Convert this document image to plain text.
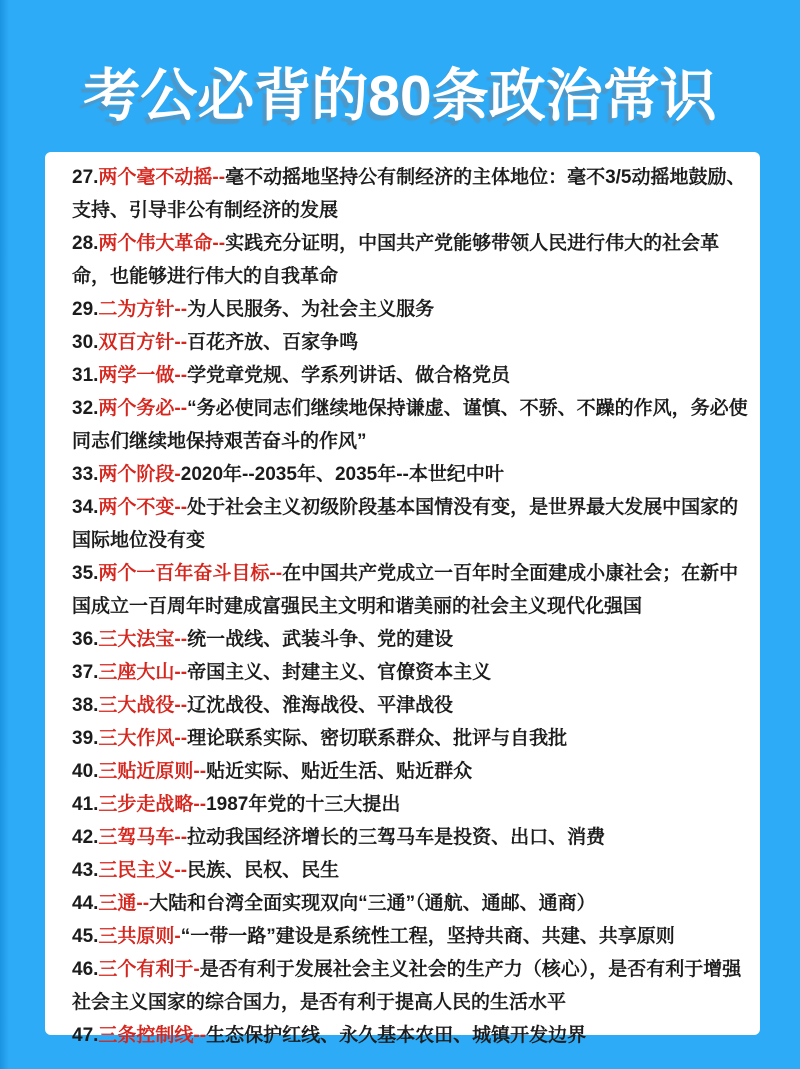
考公必背的80条政治常识
27.两个毫不动摇--毫不动摇地坚持公有制经济的主体地位：毫不3/5动摇地鼓励、支持、引导非公有制经济的发展
28.两个伟大革命--实践充分证明，中国共产党能够带领人民进行伟大的社会革命，也能够进行伟大的自我革命
29.二为方针--为人民服务、为社会主义服务
30.双百方针--百花齐放、百家争鸣
31.两学一做--学党章党规、学系列讲话、做合格党员
32.两个务必--“务必使同志们继续地保持谦虚、谨慎、不骄、不躁的作风，务必使同志们继续地保持艰苦奋斗的作风”
33.两个阶段-2020年--2035年、2035年--本世纪中叶
34.两个不变--处于社会主义初级阶段基本国情没有变，是世界最大发展中国家的国际地位没有变
35.两个一百年奋斗目标--在中国共产党成立一百年时全面建成小康社会；在新中国成立一百周年时建成富强民主文明和谐美丽的社会主义现代化强国
36.三大法宝--统一战线、武装斗争、党的建设
37.三座大山--帝国主义、封建主义、官僚资本主义
38.三大战役--辽沈战役、淮海战役、平津战役
39.三大作风--理论联系实际、密切联系群众、批评与自我批
40.三贴近原则--贴近实际、贴近生活、贴近群众
41.三步走战略--1987年党的十三大提出
42.三驾马车--拉动我国经济增长的三驾马车是投资、出口、消费
43.三民主义--民族、民权、民生
44.三通--大陆和台湾全面实现双向“三通”（通航、通邮、通商）
45.三共原则-“一带一路”建设是系统性工程，坚持共商、共建、共享原则
46.三个有利于-是否有利于发展社会主义社会的生产力（核心），是否有利于增强社会主义国家的综合国力，是否有利于提高人民的生活水平
47.三条控制线--生态保护红线、永久基本农田、城镇开发边界
